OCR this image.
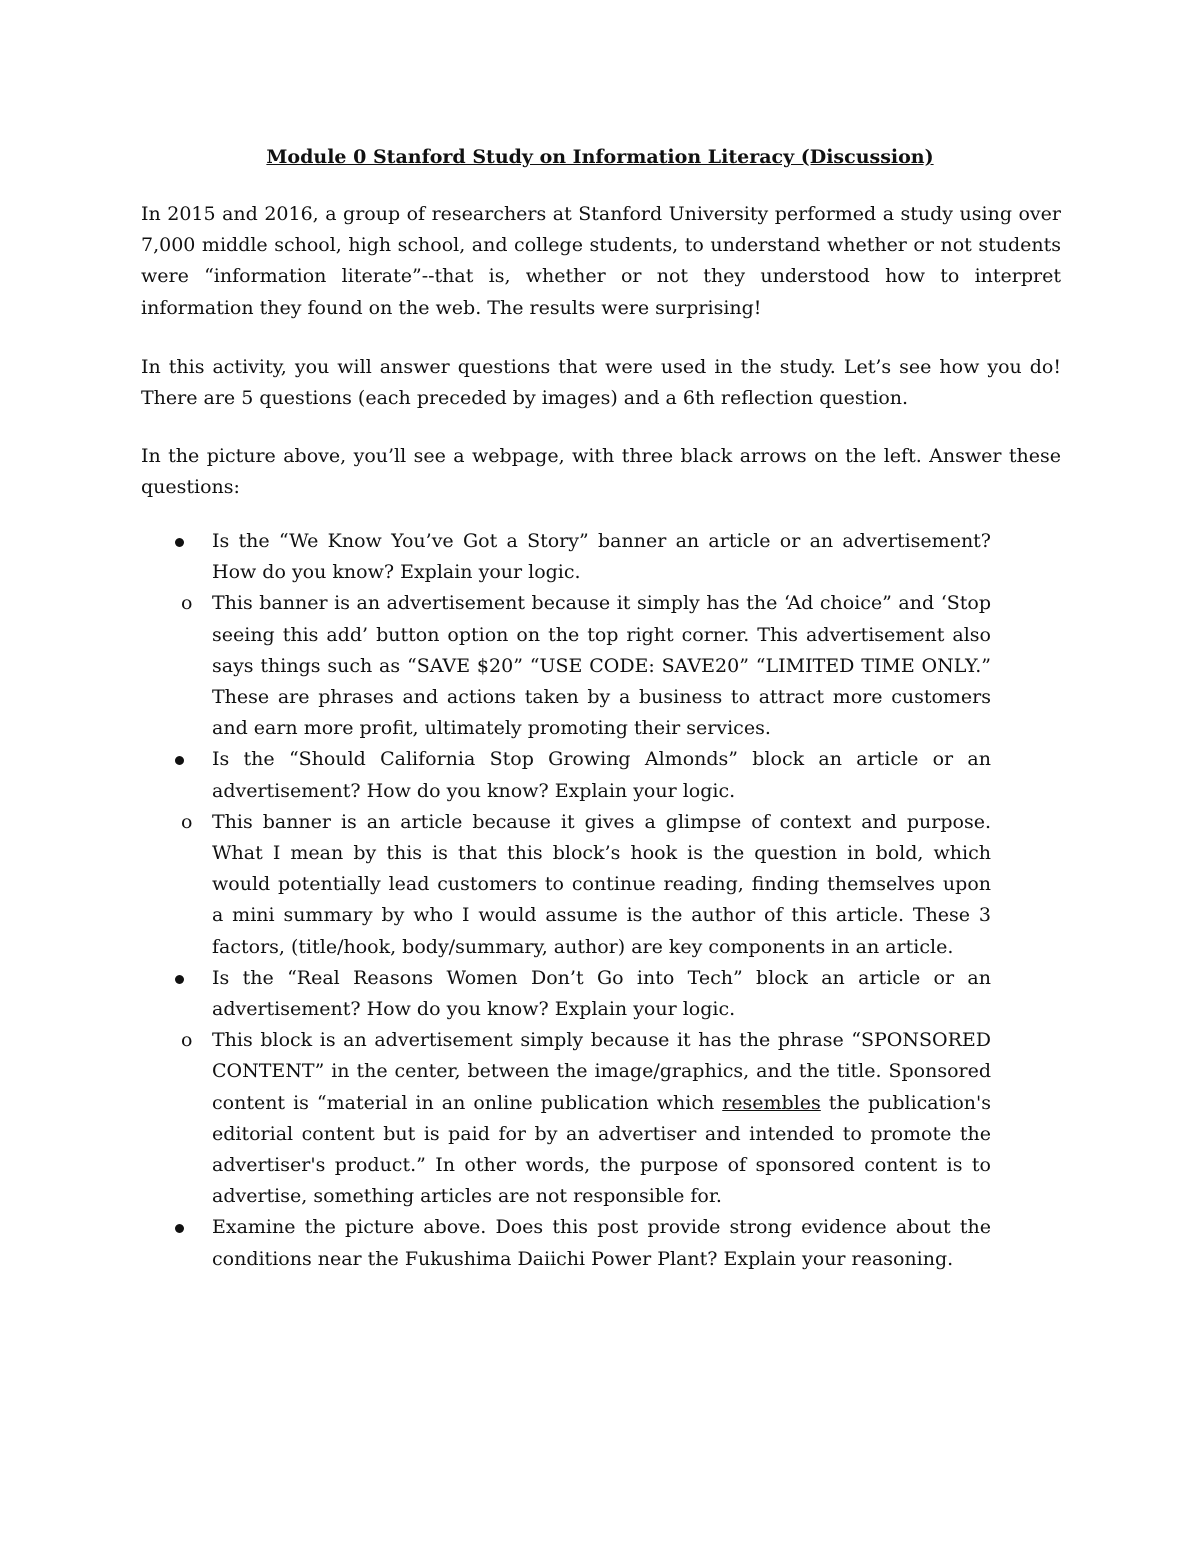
Module 0 Stanford Study on Information Literacy (Discussion)

In 2015 and 2016, a group of researchers at Stanford University performed a study using over 7,000 middle school, high school, and college students, to understand whether or not students were “information literate”--that is, whether or not they understood how to interpret information they found on the web. The results were surprising!

In this activity, you will answer questions that were used in the study. Let’s see how you do! There are 5 questions (each preceded by images) and a 6th reflection question.

In the picture above, you’ll see a webpage, with three black arrows on the left. Answer these questions:

Is the “We Know You’ve Got a Story” banner an article or an advertisement? How do you know? Explain your logic.
o This banner is an advertisement because it simply has the ‘Ad choice” and ‘Stop seeing this add’ button option on the top right corner. This advertisement also says things such as “SAVE $20” “USE CODE: SAVE20” “LIMITED TIME ONLY.” These are phrases and actions taken by a business to attract more customers and earn more profit, ultimately promoting their services.
Is the “Should California Stop Growing Almonds” block an article or an advertisement? How do you know? Explain your logic.
o This banner is an article because it gives a glimpse of context and purpose. What I mean by this is that this block’s hook is the question in bold, which would potentially lead customers to continue reading, finding themselves upon a mini summary by who I would assume is the author of this article. These 3 factors, (title/hook, body/summary, author) are key components in an article.
Is the “Real Reasons Women Don’t Go into Tech” block an article or an advertisement? How do you know? Explain your logic.
o This block is an advertisement simply because it has the phrase “SPONSORED CONTENT” in the center, between the image/graphics, and the title. Sponsored content is “material in an online publication which resembles the publication's editorial content but is paid for by an advertiser and intended to promote the advertiser's product.” In other words, the purpose of sponsored content is to advertise, something articles are not responsible for.
Examine the picture above. Does this post provide strong evidence about the conditions near the Fukushima Daiichi Power Plant? Explain your reasoning.
